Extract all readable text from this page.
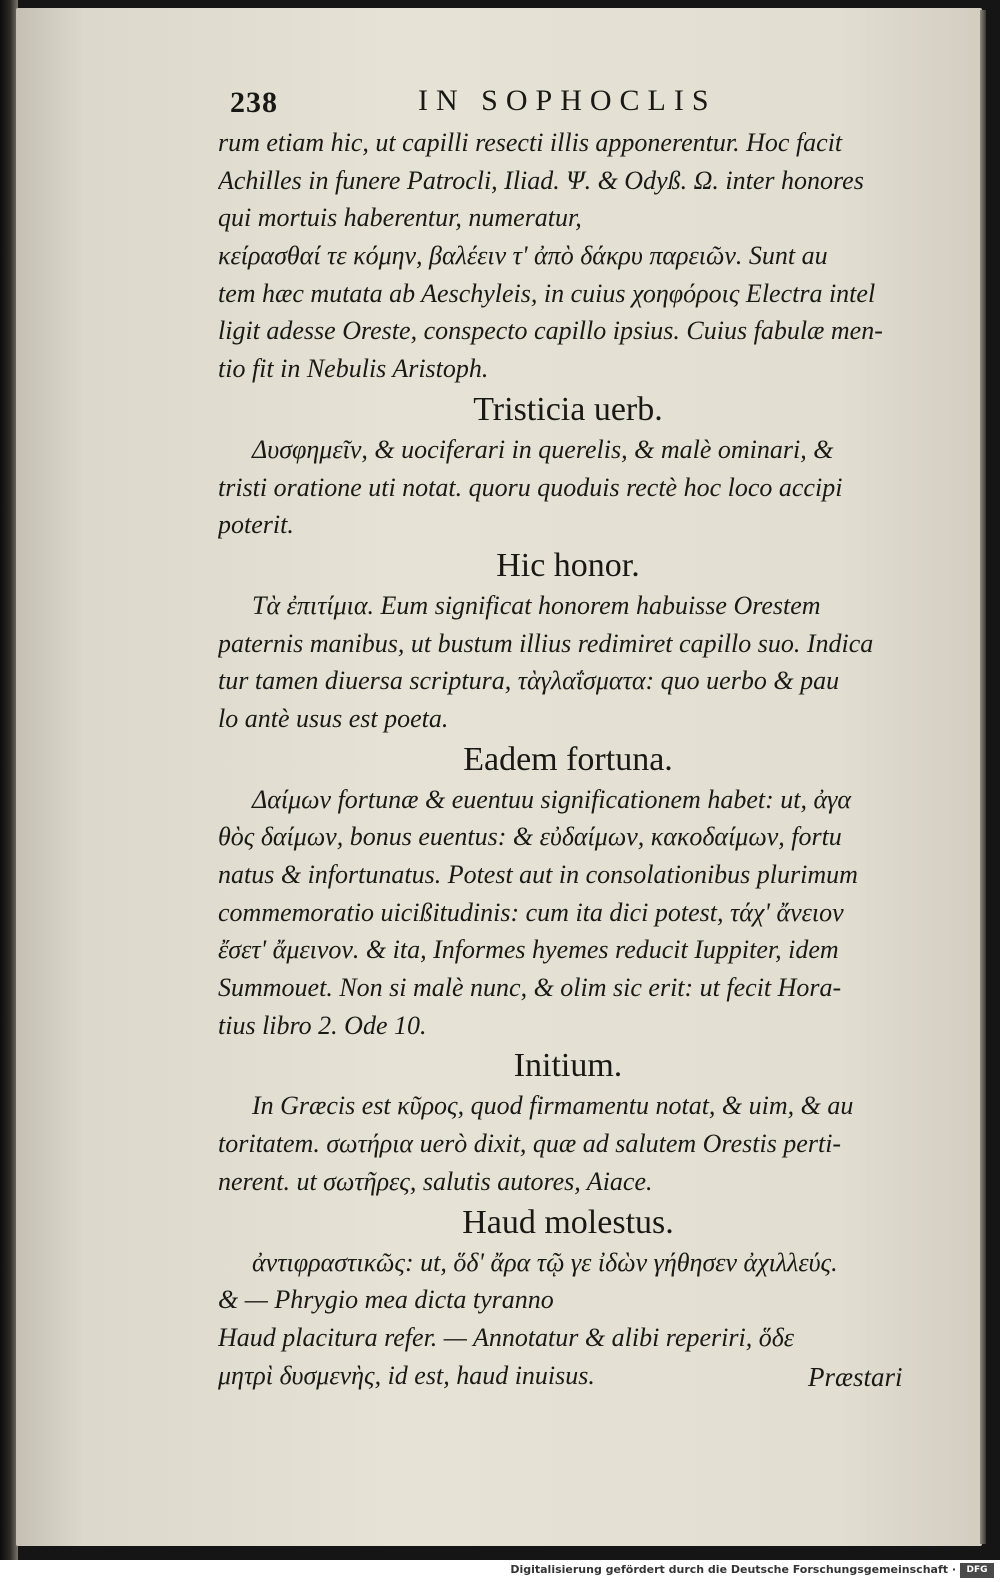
238	IN SOPHOCLIS
rum etiam hic, ut capilli resecti illis apponerentur. Hoc facit
Achilles in funere Patrocli, Iliad. Ψ. & Odyß. Ω. inter honores
qui mortuis haberentur, numeratur,
κείρασθαί τε κόμην, βαλέειν τ' ἀπὸ δάκρυ παρειῶν. Sunt au
tem hæc mutata ab Aeschyleis, in cuius χοηφόροις Electra intel
ligit adesse Oreste, conspecto capillo ipsius. Cuius fabulæ men-
tio fit in Nebulis Aristoph.
Tristicia uerb.
Δυσφημεῖν, & uociferari in querelis, & malè ominari, &
tristi oratione uti notat. quoru quoduis rectè hoc loco accipi
poterit.
Hic honor.
Τὰ ἐπιτίμια. Eum significat honorem habuisse Orestem
paternis manibus, ut bustum illius redimiret capillo suo. Indica
tur tamen diuersa scriptura, τὰγλαΐσματα: quo uerbo & pau
lo antè usus est poeta.
Eadem fortuna.
Δαίμων fortunæ & euentuu significationem habet: ut, ἀγα
θὸς δαίμων, bonus euentus: & εὐδαίμων, κακοδαίμων, fortu
natus & infortunatus. Potest aut in consolationibus plurimum
commemoratio uicißitudinis: cum ita dici potest, τάχ' ἄνειον
ἔσετ' ἄμεινον. & ita, Informes hyemes reducit Iuppiter, idem
Summouet. Non si malè nunc, & olim sic erit: ut fecit Hora-
tius libro 2. Ode 10.
Initium.
In Græcis est κῦρος, quod firmamentu notat, & uim, & au
toritatem. σωτήρια uerò dixit, quæ ad salutem Orestis perti-
nerent. ut σωτῆρες, salutis autores, Aiace.
Haud molestus.
ἀντιφραστικῶς: ut, ὅδ' ἄρα τῷ γε ἰδὼν γήθησεν ἀχιλλεύς.
& — Phrygio mea dicta tyranno
Haud placitura refer. — Annotatur & alibi reperiri, ὅδε
μητρὶ δυσμενὴς, id est, haud inuisus.	Præstari
Digitalisierung gefördert durch die Deutsche Forschungsgemeinschaft ·	DFG
